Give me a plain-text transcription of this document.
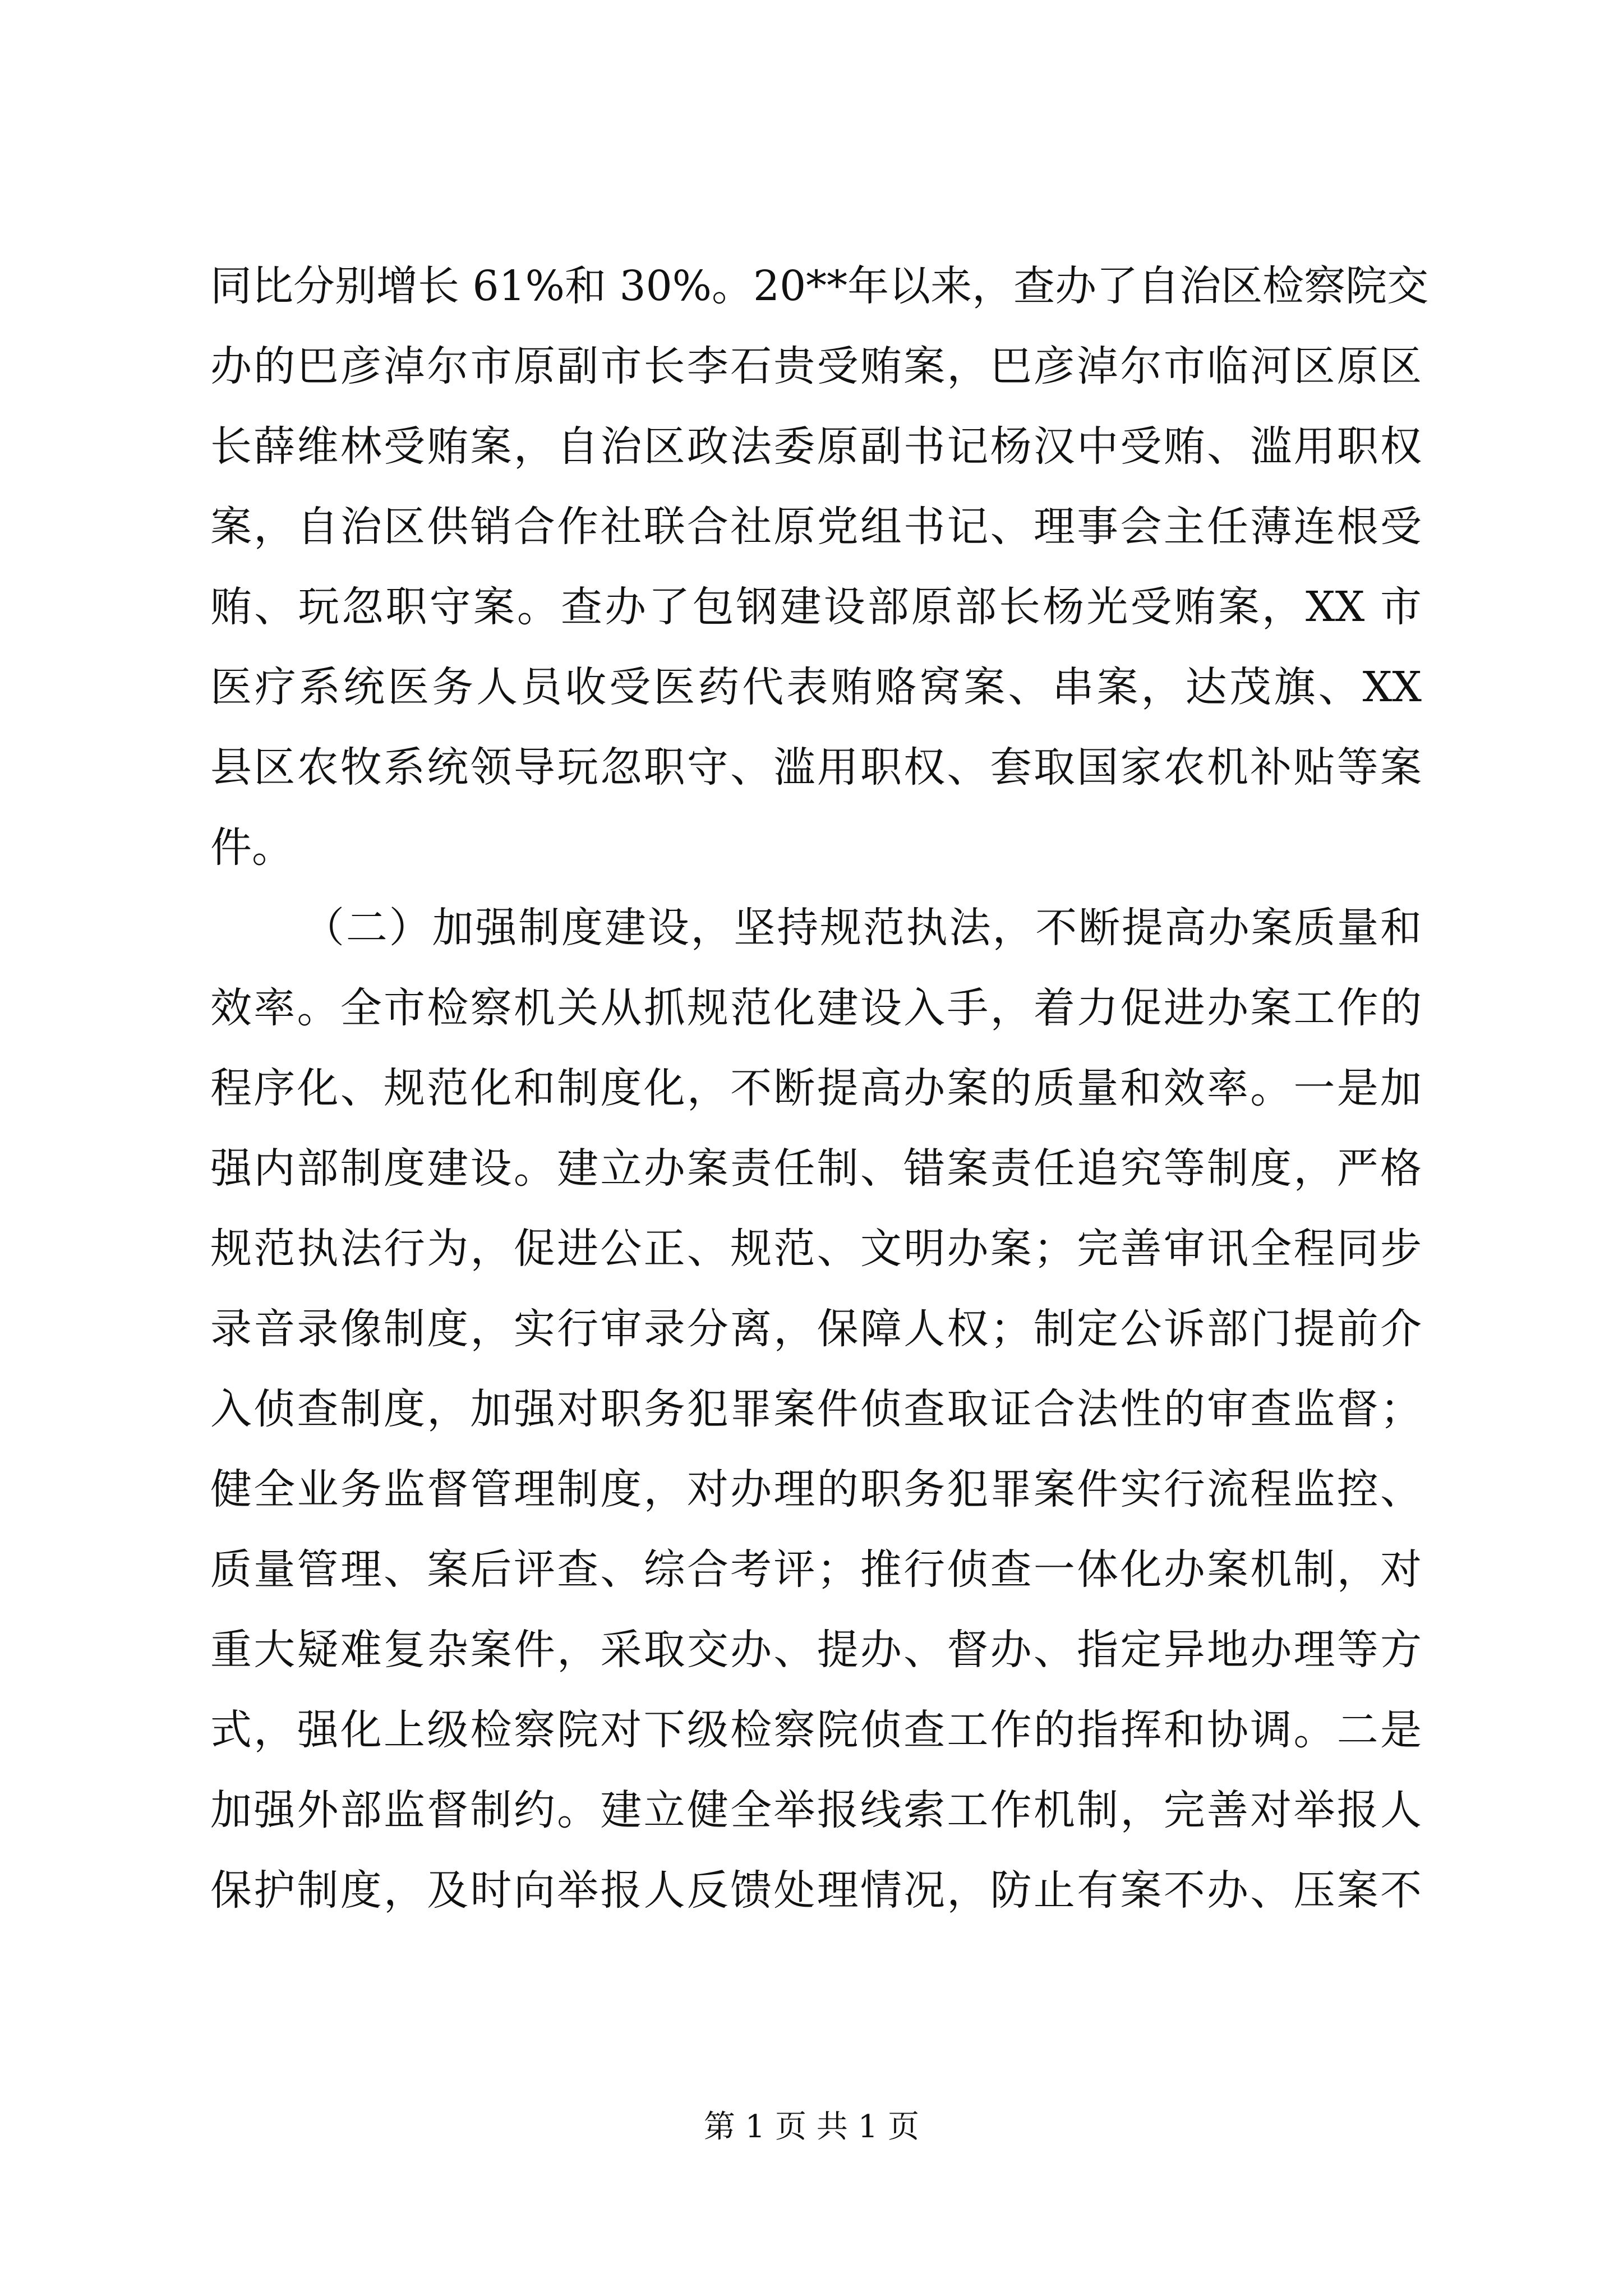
同比分别增长 61%和 30%。20**年以来，查办了自治区检察院交
办的巴彦淖尔市原副市长李石贵受贿案，巴彦淖尔市临河区原区
长薛维林受贿案，自治区政法委原副书记杨汉中受贿、滥用职权
案，自治区供销合作社联合社原党组书记、理事会主任薄连根受
贿、玩忽职守案。查办了包钢建设部原部长杨光受贿案，XX 市
医疗系统医务人员收受医药代表贿赂窝案、串案，达茂旗、XX
县区农牧系统领导玩忽职守、滥用职权、套取国家农机补贴等案
件。
（二）加强制度建设，坚持规范执法，不断提高办案质量和
效率。全市检察机关从抓规范化建设入手，着力促进办案工作的
程序化、规范化和制度化，不断提高办案的质量和效率。一是加
强内部制度建设。建立办案责任制、错案责任追究等制度，严格
规范执法行为，促进公正、规范、文明办案；完善审讯全程同步
录音录像制度，实行审录分离，保障人权；制定公诉部门提前介
入侦查制度，加强对职务犯罪案件侦查取证合法性的审查监督；
健全业务监督管理制度，对办理的职务犯罪案件实行流程监控、
质量管理、案后评查、综合考评；推行侦查一体化办案机制，对
重大疑难复杂案件，采取交办、提办、督办、指定异地办理等方
式，强化上级检察院对下级检察院侦查工作的指挥和协调。二是
加强外部监督制约。建立健全举报线索工作机制，完善对举报人
保护制度，及时向举报人反馈处理情况，防止有案不办、压案不
第 1 页 共 1 页
